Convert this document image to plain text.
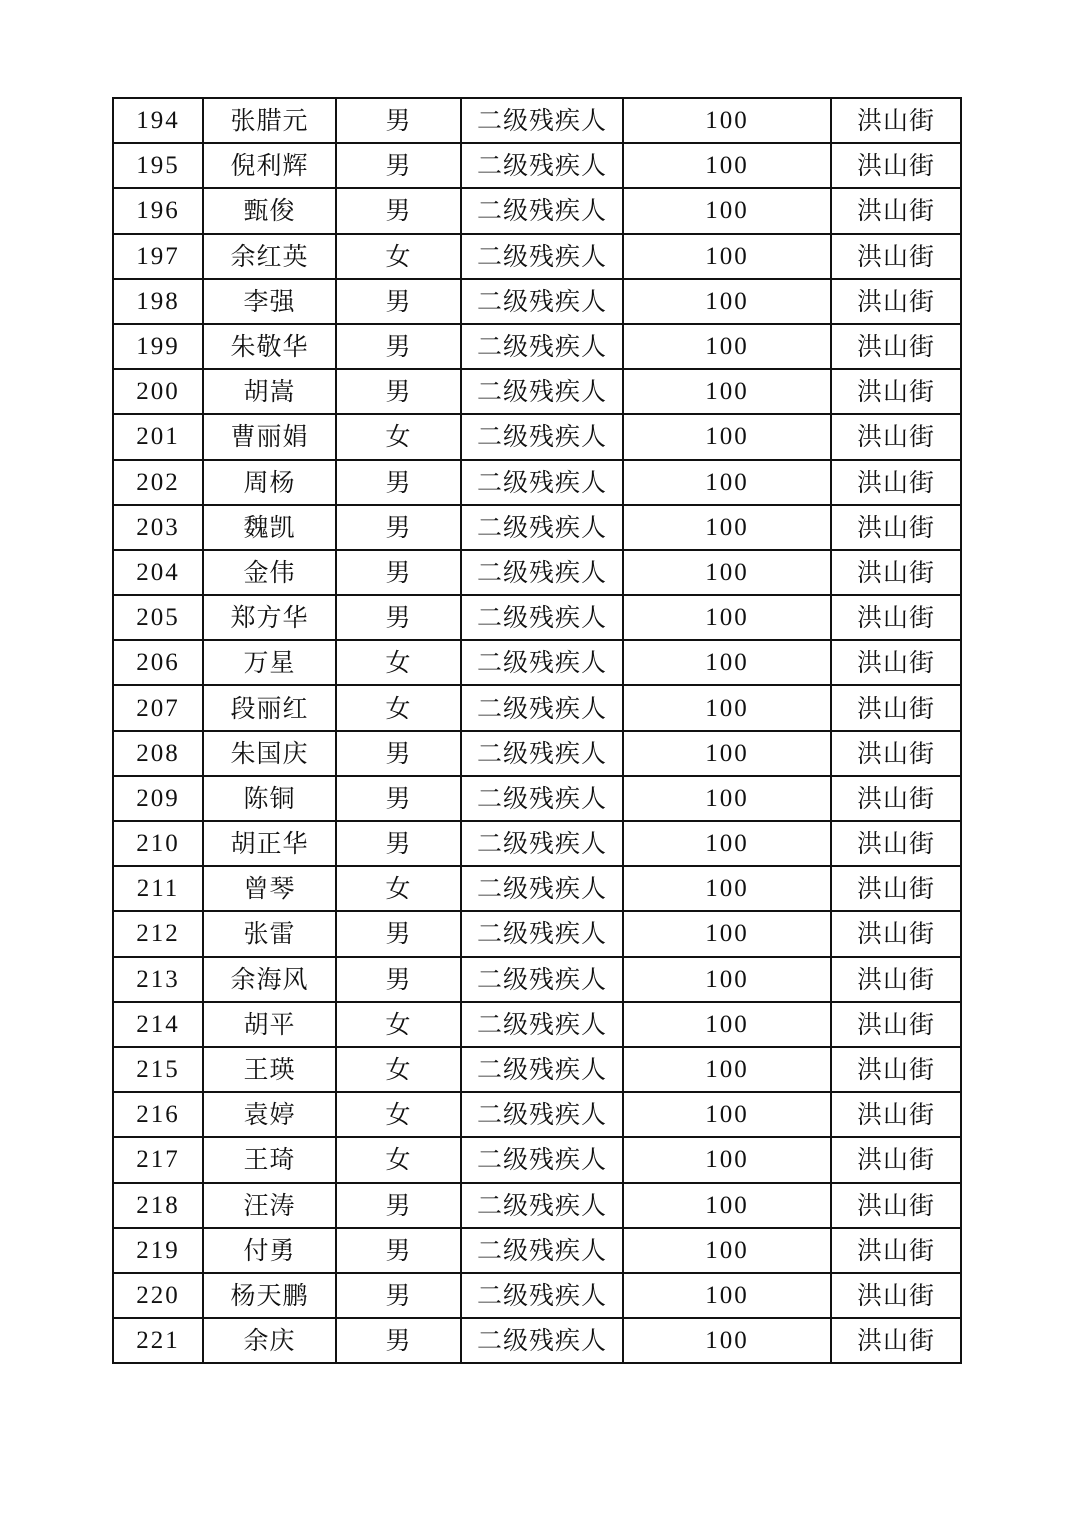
194	张腊元	男	二级残疾人	100	洪山街
195	倪利辉	男	二级残疾人	100	洪山街
196	甄俊	男	二级残疾人	100	洪山街
197	余红英	女	二级残疾人	100	洪山街
198	李强	男	二级残疾人	100	洪山街
199	朱敬华	男	二级残疾人	100	洪山街
200	胡嵩	男	二级残疾人	100	洪山街
201	曹丽娟	女	二级残疾人	100	洪山街
202	周杨	男	二级残疾人	100	洪山街
203	魏凯	男	二级残疾人	100	洪山街
204	金伟	男	二级残疾人	100	洪山街
205	郑方华	男	二级残疾人	100	洪山街
206	万星	女	二级残疾人	100	洪山街
207	段丽红	女	二级残疾人	100	洪山街
208	朱国庆	男	二级残疾人	100	洪山街
209	陈铜	男	二级残疾人	100	洪山街
210	胡正华	男	二级残疾人	100	洪山街
211	曾琴	女	二级残疾人	100	洪山街
212	张雷	男	二级残疾人	100	洪山街
213	余海风	男	二级残疾人	100	洪山街
214	胡平	女	二级残疾人	100	洪山街
215	王瑛	女	二级残疾人	100	洪山街
216	袁婷	女	二级残疾人	100	洪山街
217	王琦	女	二级残疾人	100	洪山街
218	汪涛	男	二级残疾人	100	洪山街
219	付勇	男	二级残疾人	100	洪山街
220	杨天鹏	男	二级残疾人	100	洪山街
221	余庆	男	二级残疾人	100	洪山街
